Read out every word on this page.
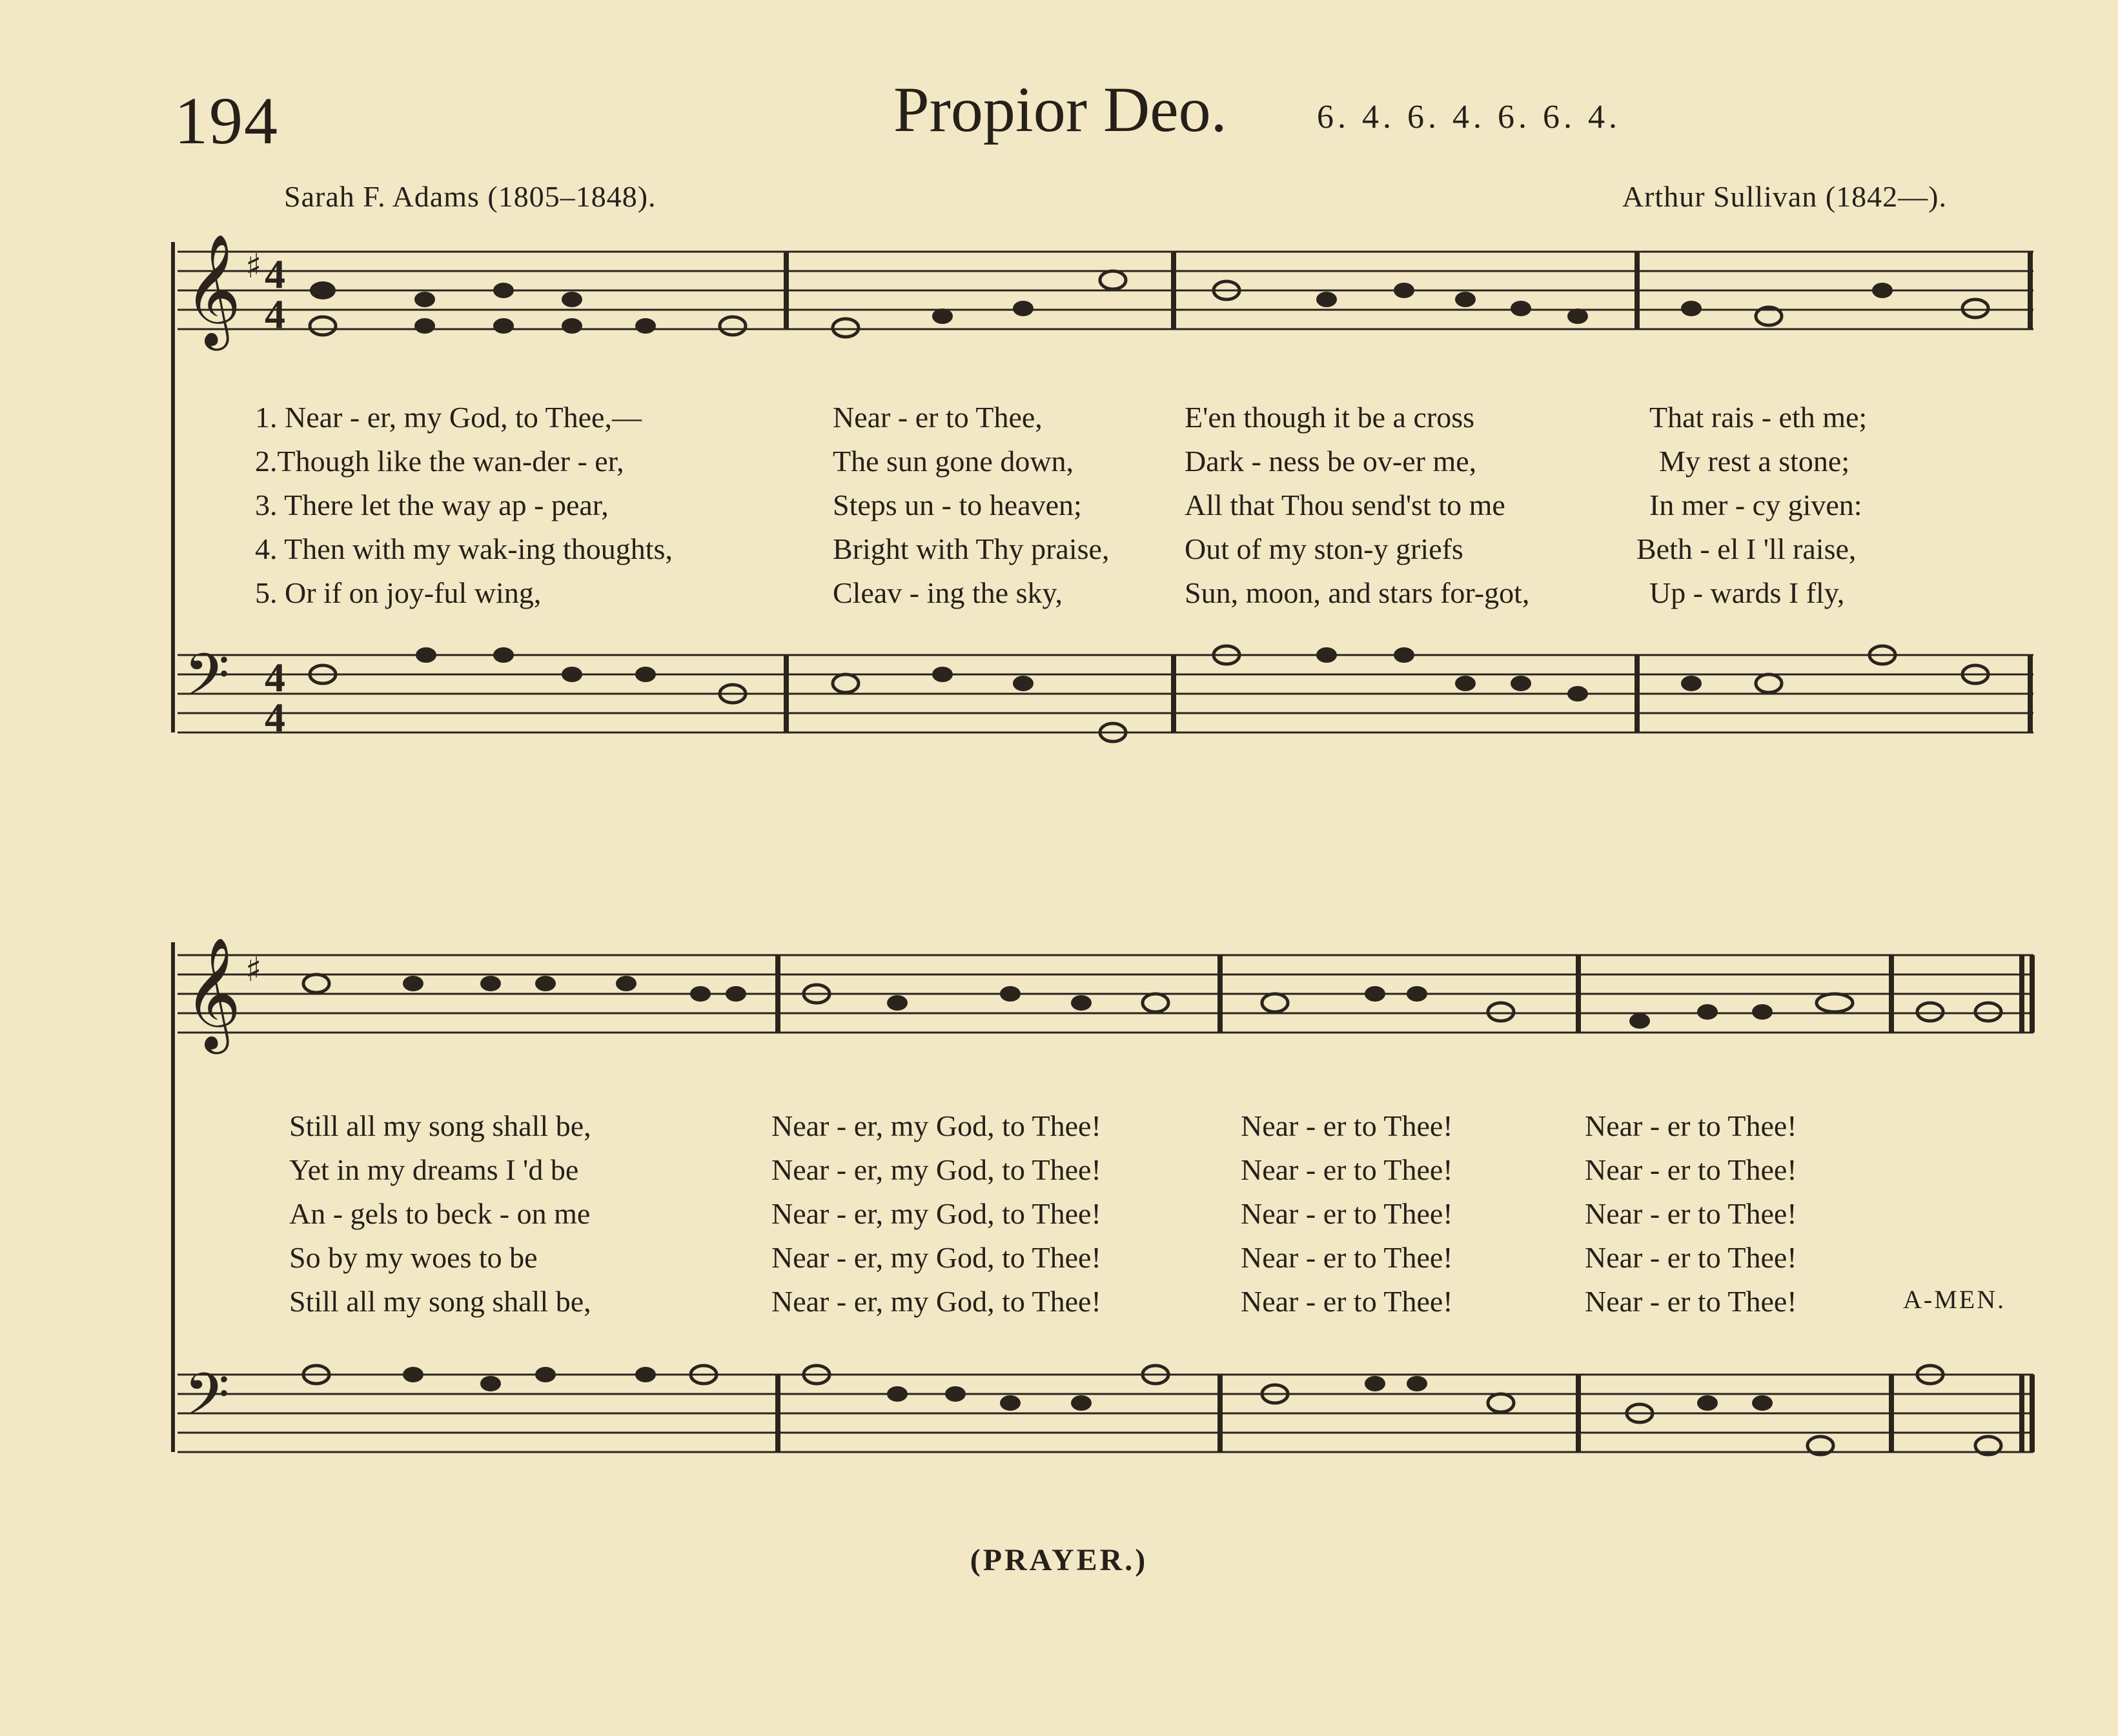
194	Propior Deo.	6. 4. 6. 4. 6. 6. 4.
Sarah F. Adams (1805–1848).	Arthur Sullivan (1842—).
𝄞 ♯ 4
4
𝄢 4
4
1. Near - er, my God, to Thee,—	Near - er to Thee,	E'en though it be a cross	That rais - eth me;
2.Though like the wan-der - er,	The sun gone down,	Dark - ness be ov-er me,	My rest a stone;
3. There let the way ap - pear,	Steps un - to heaven;	All that Thou send'st to me	In mer - cy given:
4. Then with my wak-ing thoughts,	Bright with Thy praise,	Out of my ston-y griefs	Beth - el I 'll raise,
5. Or if on joy-ful wing,	Cleav - ing the sky,	Sun, moon, and stars for-got,	Up - wards I fly,
𝄞 ♯
𝄢
Still all my song shall be,	Near - er, my God, to Thee!	Near - er to Thee!	Near - er to Thee!
Yet in my dreams I 'd be	Near - er, my God, to Thee!	Near - er to Thee!	Near - er to Thee!
An - gels to beck - on me	Near - er, my God, to Thee!	Near - er to Thee!	Near - er to Thee!
So by my woes to be	Near - er, my God, to Thee!	Near - er to Thee!	Near - er to Thee!
Still all my song shall be,	Near - er, my God, to Thee!	Near - er to Thee!	Near - er to Thee!	A-MEN.
(PRAYER.)
